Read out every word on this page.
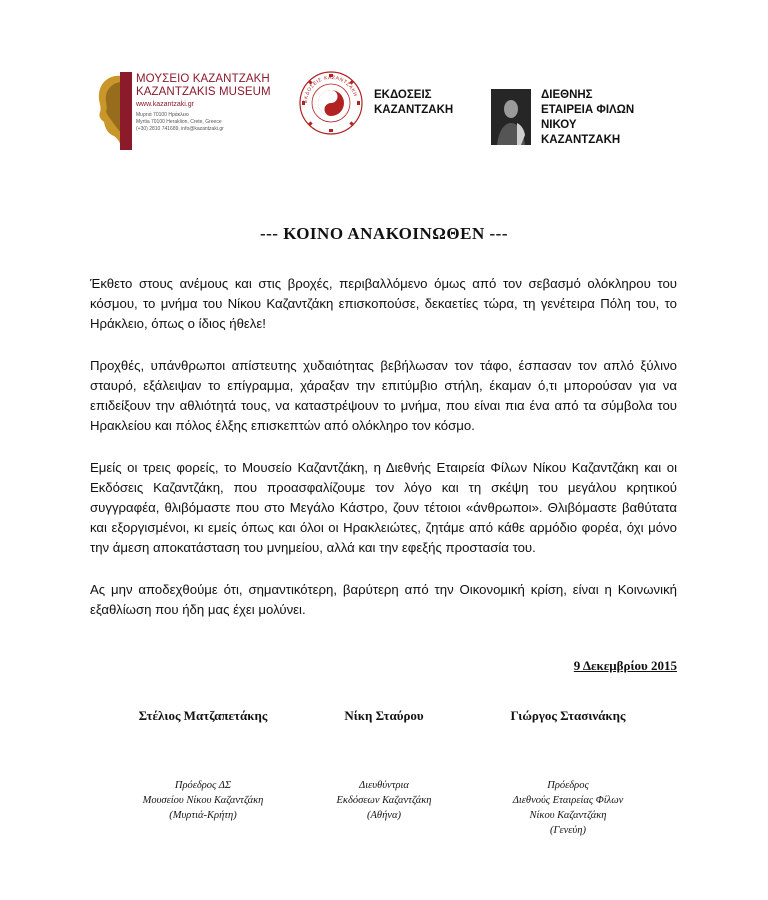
ΜΟΥΣΕΙΟ ΚΑΖΑΝΤΖΑΚΗ
KAZANTZAKIS MUSEUM
www.kazantzaki.gr
Μυρτιά 70100 Ηράκλειο
Myrtia 70100 Heraklion, Crete, Greece
(+30) 2810 741689, info@kazantzaki.gr
ΕΚΔΟΣΕΙΣ ΚΑΖΑΝΤΖΑΚΗ ΕΚΔΟΣΕΙΣ
ΚΑΖΑΝΤΖΑΚΗ
ΔΙΕΘΝΗΣ
ΕΤΑΙΡΕΙΑ ΦΙΛΩΝ
ΝΙΚΟΥ
ΚΑΖΑΝΤΖΑΚΗ
--- ΚΟΙΝΟ ΑΝΑΚΟΙΝΩΘΕΝ ---

Έκθετο στους ανέμους και στις βροχές, περιβαλλόμενο όμως από τον σεβασμό ολόκληρου του κόσμου, το μνήμα του Νίκου Καζαντζάκη επισκοπούσε, δεκαετίες τώρα, τη γενέτειρα Πόλη του, το Ηράκλειο, όπως ο ίδιος ήθελε!

Προχθές, υπάνθρωποι απίστευτης χυδαιότητας βεβήλωσαν τον τάφο, έσπασαν τον απλό ξύλινο σταυρό, εξάλειψαν το επίγραμμα, χάραξαν την επιτύμβιο στήλη, έκαμαν ό,τι μπορούσαν για να επιδείξουν την αθλιότητά τους, να καταστρέψουν το μνήμα, που είναι πια ένα από τα σύμβολα του Ηρακλείου και πόλος έλξης επισκεπτών από ολόκληρο τον κόσμο.

Εμείς οι τρεις φορείς, το Μουσείο Καζαντζάκη, η Διεθνής Εταιρεία Φίλων Νίκου Καζαντζάκη και οι Εκδόσεις Καζαντζάκη, που προασφαλίζουμε τον λόγο και τη σκέψη του μεγάλου κρητικού συγγραφέα, θλιβόμαστε που στο Μεγάλο Κάστρο, ζουν τέτοιοι «άνθρωποι». Θλιβόμαστε βαθύτατα και εξοργισμένοι, κι εμείς όπως και όλοι οι Ηρακλειώτες, ζητάμε από κάθε αρμόδιο φορέα, όχι μόνο την άμεση αποκατάσταση του μνημείου, αλλά και την εφεξής προστασία του.

Ας μην αποδεχθούμε ότι, σημαντικότερη, βαρύτερη από την Οικονομική κρίση, είναι η Κοινωνική εξαθλίωση που ήδη μας έχει μολύνει.

9 Δεκεμβρίου 2015
Στέλιος Ματζαπετάκης	Νίκη Σταύρου	Γιώργος Στασινάκης
Πρόεδρος ΔΣ
Μουσείου Νίκου Καζαντζάκη
(Μυρτιά-Κρήτη)
Διευθύντρια
Εκδόσεων Καζαντζάκη
(Αθήνα)
Πρόεδρος
Διεθνούς Εταιρείας Φίλων
Νίκου Καζαντζάκη
(Γενεύη)
